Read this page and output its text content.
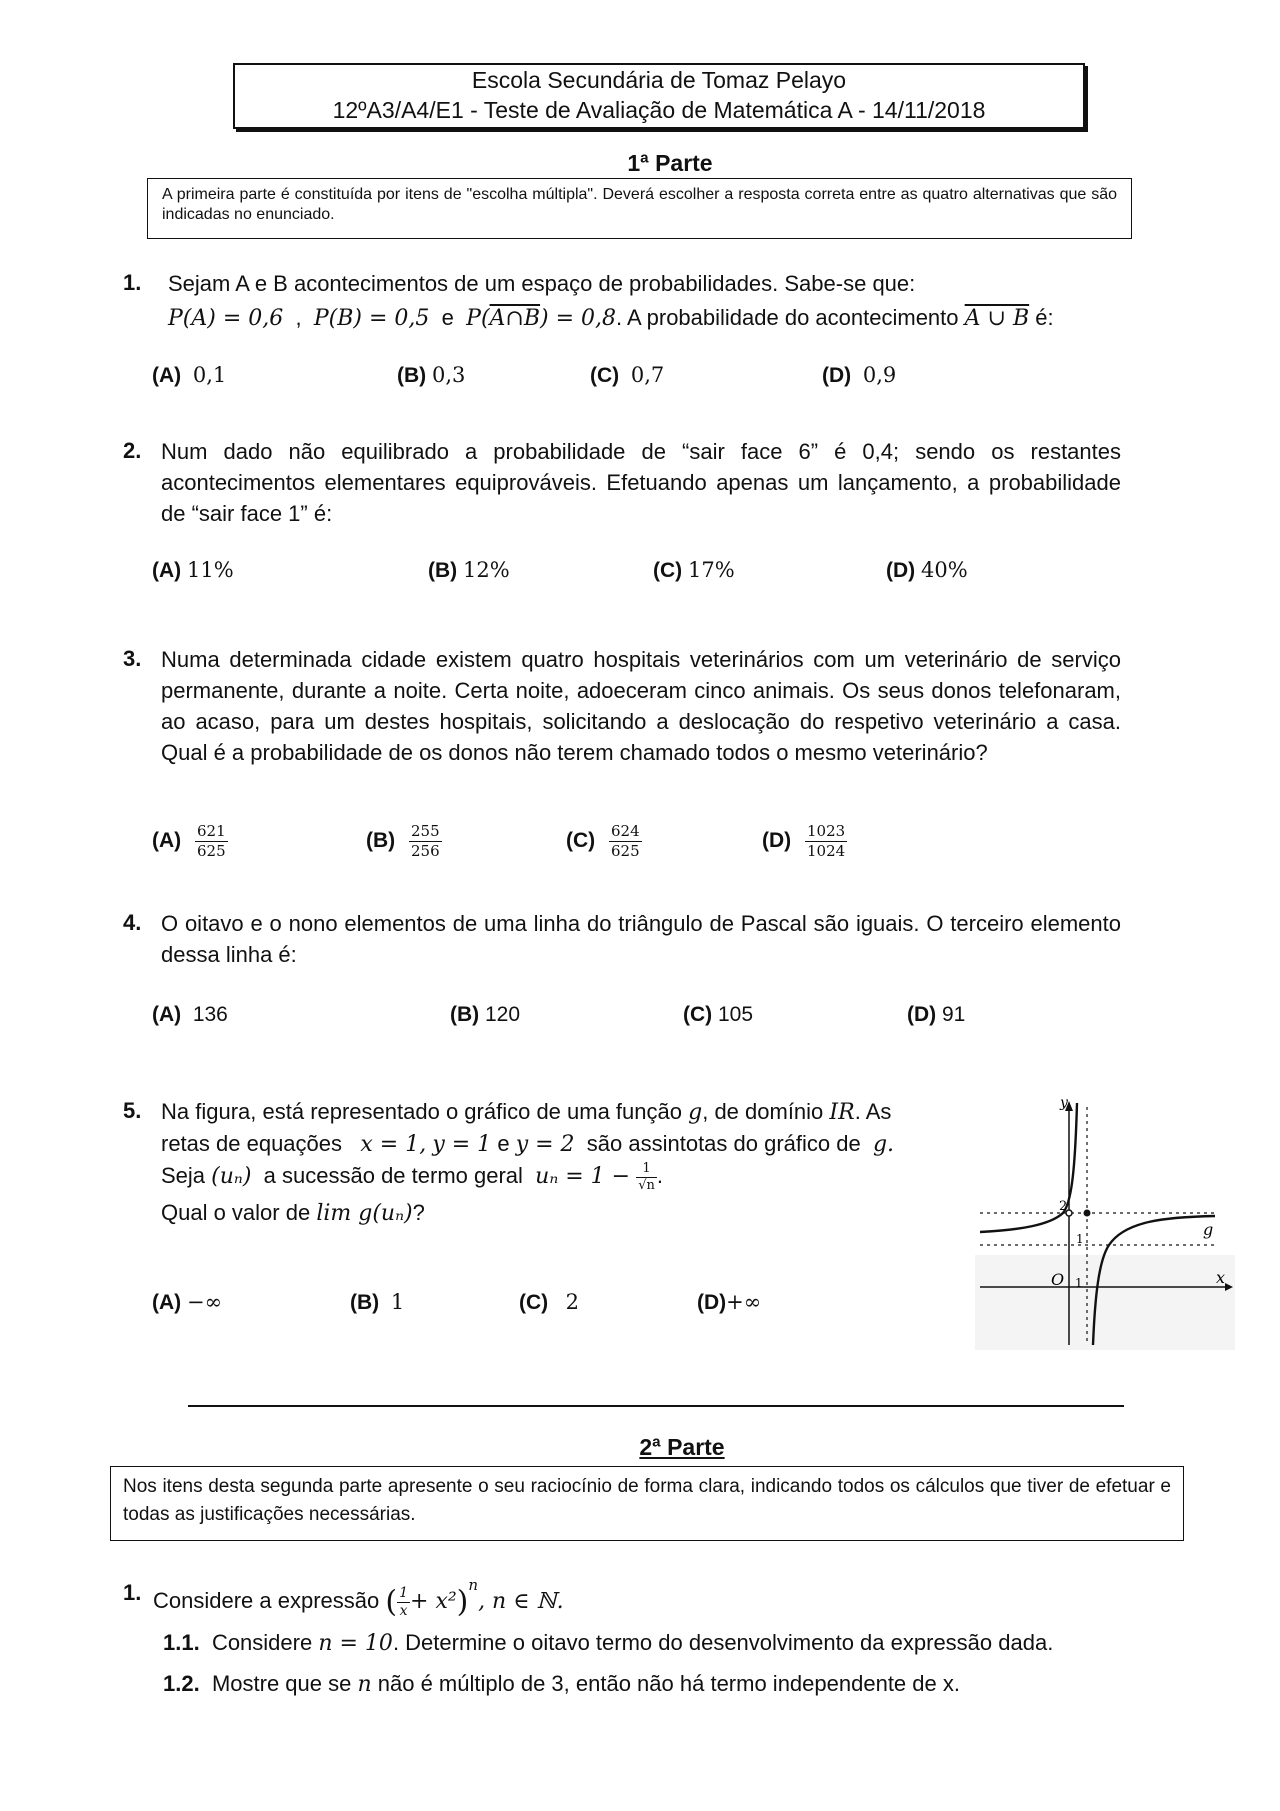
Escola Secundária de Tomaz Pelayo
12ºA3/A4/E1 - Teste de Avaliação de Matemática A - 14/11/2018
1ª Parte
A primeira parte é constituída por itens de "escolha múltipla". Deverá escolher a resposta correta entre as quatro alternativas que são indicadas no enunciado.
1. Sejam A e B acontecimentos de um espaço de probabilidades. Sabe-se que:
P(A) = 0,6  ,  P(B) = 0,5 e P(A∩B) = 0,8. A probabilidade do acontecimento A ∪ B é:
(A) 0,1	(B) 0,3	(C) 0,7	(D) 0,9
2. Num dado não equilibrado a probabilidade de “sair face 6” é 0,4; sendo os restantes acontecimentos elementares equiprováveis. Efetuando apenas um lançamento, a probabilidade de “sair face 1” é:
(A) 11%	(B) 12%	(C) 17%	(D) 40%
3. Numa determinada cidade existem quatro hospitais veterinários com um veterinário de serviço permanente, durante a noite. Certa noite, adoeceram cinco animais. Os seus donos telefonaram, ao acaso, para um destes hospitais, solicitando a deslocação do respetivo veterinário a casa. Qual é a probabilidade de os donos não terem chamado todos o mesmo veterinário?
$(A) \frac{621}{625}$	$(B) \frac{255}{256}$	$(C) \frac{624}{625}$	$(D) \frac{1023}{1024}$
4. O oitavo e o nono elementos de uma linha do triângulo de Pascal são iguais. O terceiro elemento dessa linha é:
(A) 136	(B) 120	(C) 105	(D) 91
5. Na figura, está representado o gráfico de uma função g, de domínio IR. As
retas de equações x = 1, y = 1 e y = 2 são assintotas do gráfico de g.
Seja (uₙ) a sucessão de termo geral $u_n = 1 - \frac{1}{√n}$ .
Qual o valor de lim g(uₙ)?
(A) −∞	(B) 1	(C) 2	(D)+∞
y
x
O
2
1
1
g
2ª Parte
Nos itens desta segunda parte apresente o seu raciocínio de forma clara, indicando todos os cálculos que tiver de efetuar e todas as justificações necessárias.
1. Considere a expressão ( $\frac{1}{x} + x^2)^n$, n ∈ ℕ.
1.1. Considere n = 10. Determine o oitavo termo do desenvolvimento da expressão dada.
1.2. Mostre que se n não é múltiplo de 3, então não há termo independente de x.
